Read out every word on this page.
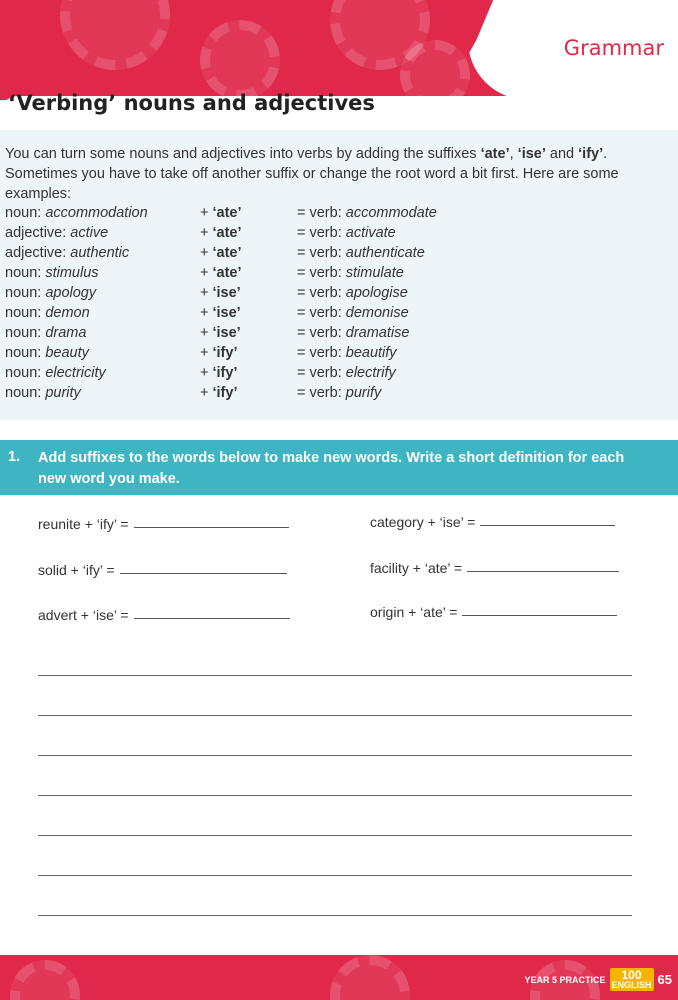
Grammar
‘Verbing’ nouns and adjectives

You can turn some nouns and adjectives into verbs by adding the suffixes ‘ate’, ‘ise’ and ‘ify’. Sometimes you have to take off another suffix or change the root word a bit first. Here are some examples:

noun: accommodation	+ ‘ate’	= verb: accommodate
adjective: active	+ ‘ate’	= verb: activate
adjective: authentic	+ ‘ate’	= verb: authenticate
noun: stimulus	+ ‘ate’	= verb: stimulate
noun: apology	+ ‘ise’	= verb: apologise
noun: demon	+ ‘ise’	= verb: demonise
noun: drama	+ ‘ise’	= verb: dramatise
noun: beauty	+ ‘ify’	= verb: beautify
noun: electricity	+ ‘ify’	= verb: electrify
noun: purity	+ ‘ify’	= verb: purify
1. Add suffixes to the words below to make new words. Write a short definition for each new word you make.
reunite + ‘ify’ =	category + ‘ise’ =
solid + ‘ify’ =	facility + ‘ate’ =
advert + ‘ise’ =	origin + ‘ate’ =
YEAR 5 PRACTICE	100
ENGLISH 65
